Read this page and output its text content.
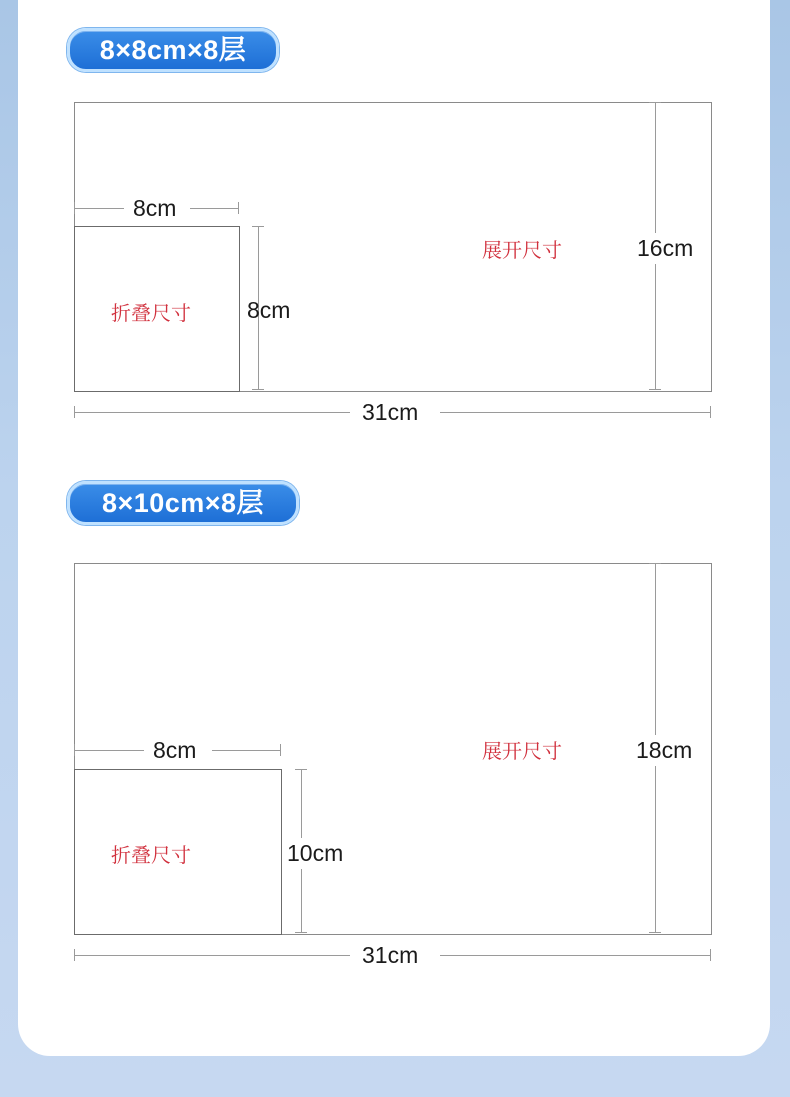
8×8cm×8层
8cm
8cm
折叠尺寸
展开尺寸	16cm
31cm
8×10cm×8层
8cm
10cm
折叠尺寸
展开尺寸	18cm
31cm
